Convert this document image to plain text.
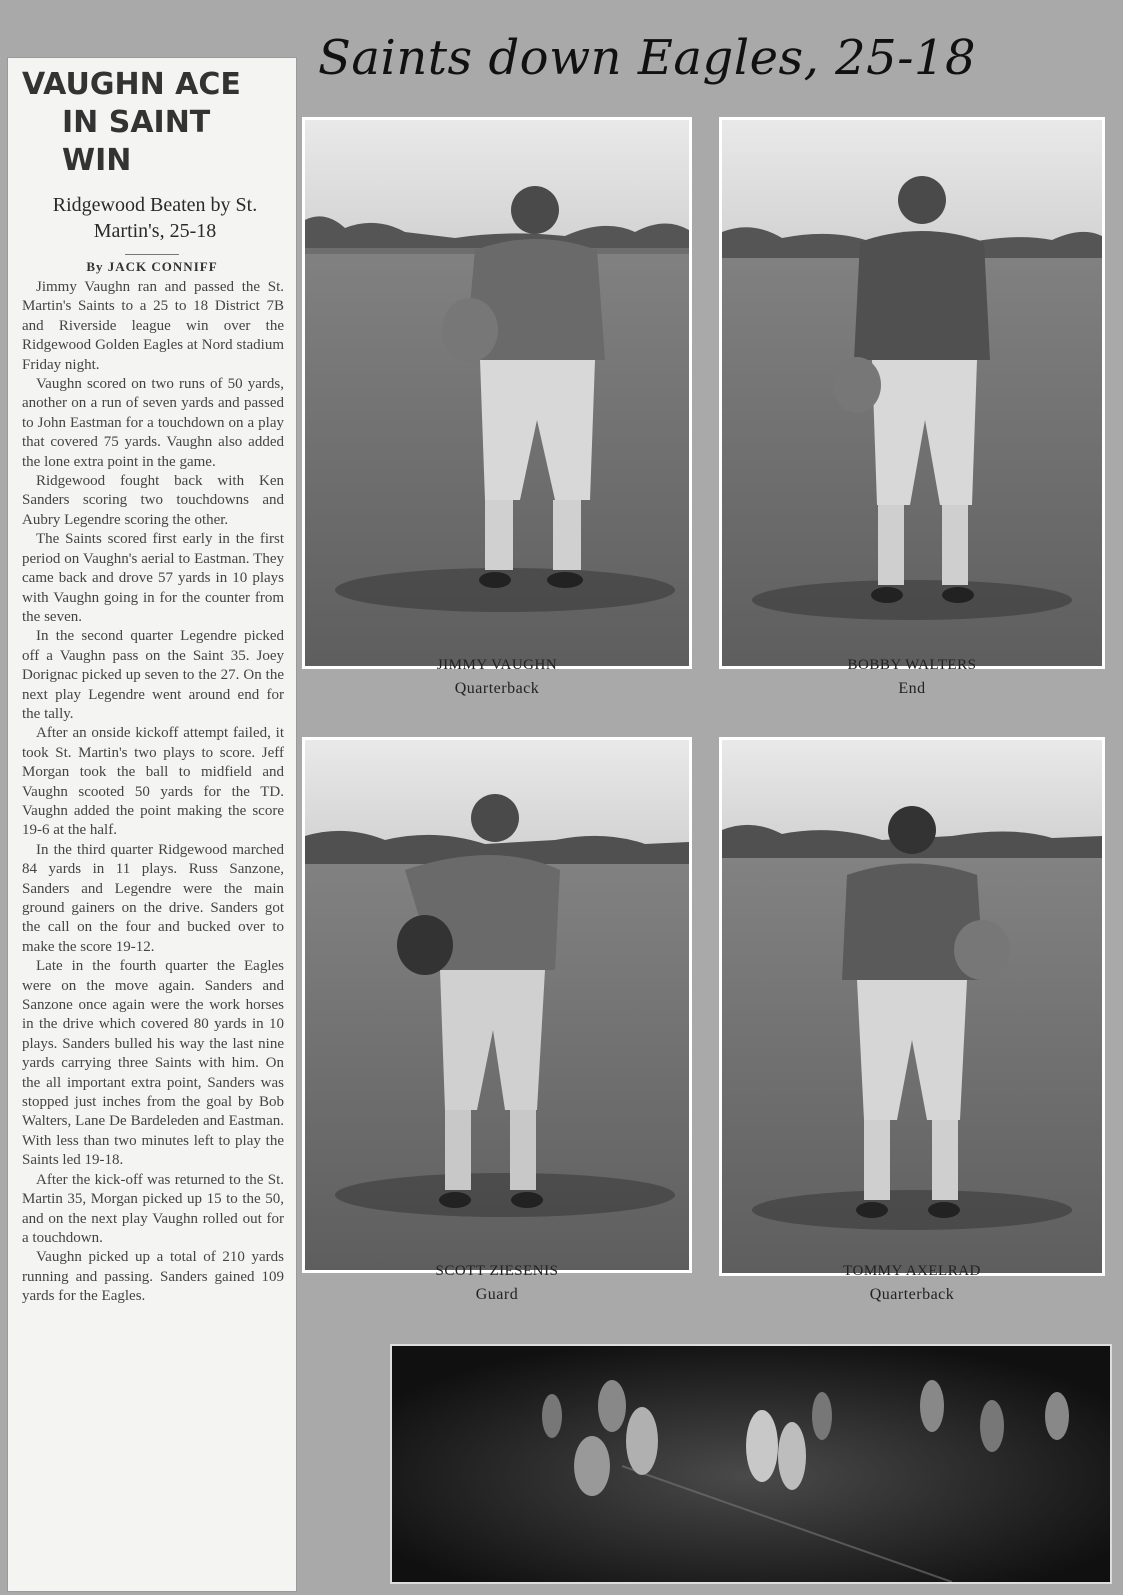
Saints down Eagles, 25-18
VAUGHN ACE
IN SAINT WIN
Ridgewood Beaten by St. Martin's, 25-18
By JACK CONNIFF

Jimmy Vaughn ran and passed the St. Martin's Saints to a 25 to 18 District 7B and Riverside league win over the Ridgewood Golden Eagles at Nord stadium Friday night.

Vaughn scored on two runs of 50 yards, another on a run of seven yards and passed to John Eastman for a touchdown on a play that covered 75 yards. Vaughn also added the lone extra point in the game.

Ridgewood fought back with Ken Sanders scoring two touchdowns and Aubry Legendre scoring the other.

The Saints scored first early in the first period on Vaughn's aerial to Eastman. They came back and drove 57 yards in 10 plays with Vaughn going in for the counter from the seven.

In the second quarter Legendre picked off a Vaughn pass on the Saint 35. Joey Dorignac picked up seven to the 27. On the next play Legendre went around end for the tally.

After an onside kickoff attempt failed, it took St. Martin's two plays to score. Jeff Morgan took the ball to midfield and Vaughn scooted 50 yards for the TD. Vaughn added the point making the score 19-6 at the half.

In the third quarter Ridgewood marched 84 yards in 11 plays. Russ Sanzone, Sanders and Legendre were the main ground gainers on the drive. Sanders got the call on the four and bucked over to make the score 19-12.

Late in the fourth quarter the Eagles were on the move again. Sanders and Sanzone once again were the work horses in the drive which covered 80 yards in 10 plays. Sanders bulled his way the last nine yards carrying three Saints with him. On the all important extra point, Sanders was stopped just inches from the goal by Bob Walters, Lane De Bardeleden and Eastman. With less than two minutes left to play the Saints led 19-18.

After the kick-off was returned to the St. Martin 35, Morgan picked up 15 to the 50, and on the next play Vaughn rolled out for a touchdown.

Vaughn picked up a total of 210 yards running and passing. Sanders gained 109 yards for the Eagles.

JIMMY VAUGHN
Quarterback
BOBBY WALTERS
End
SCOTT ZIESENIS
Guard
TOMMY AXELRAD
Quarterback
